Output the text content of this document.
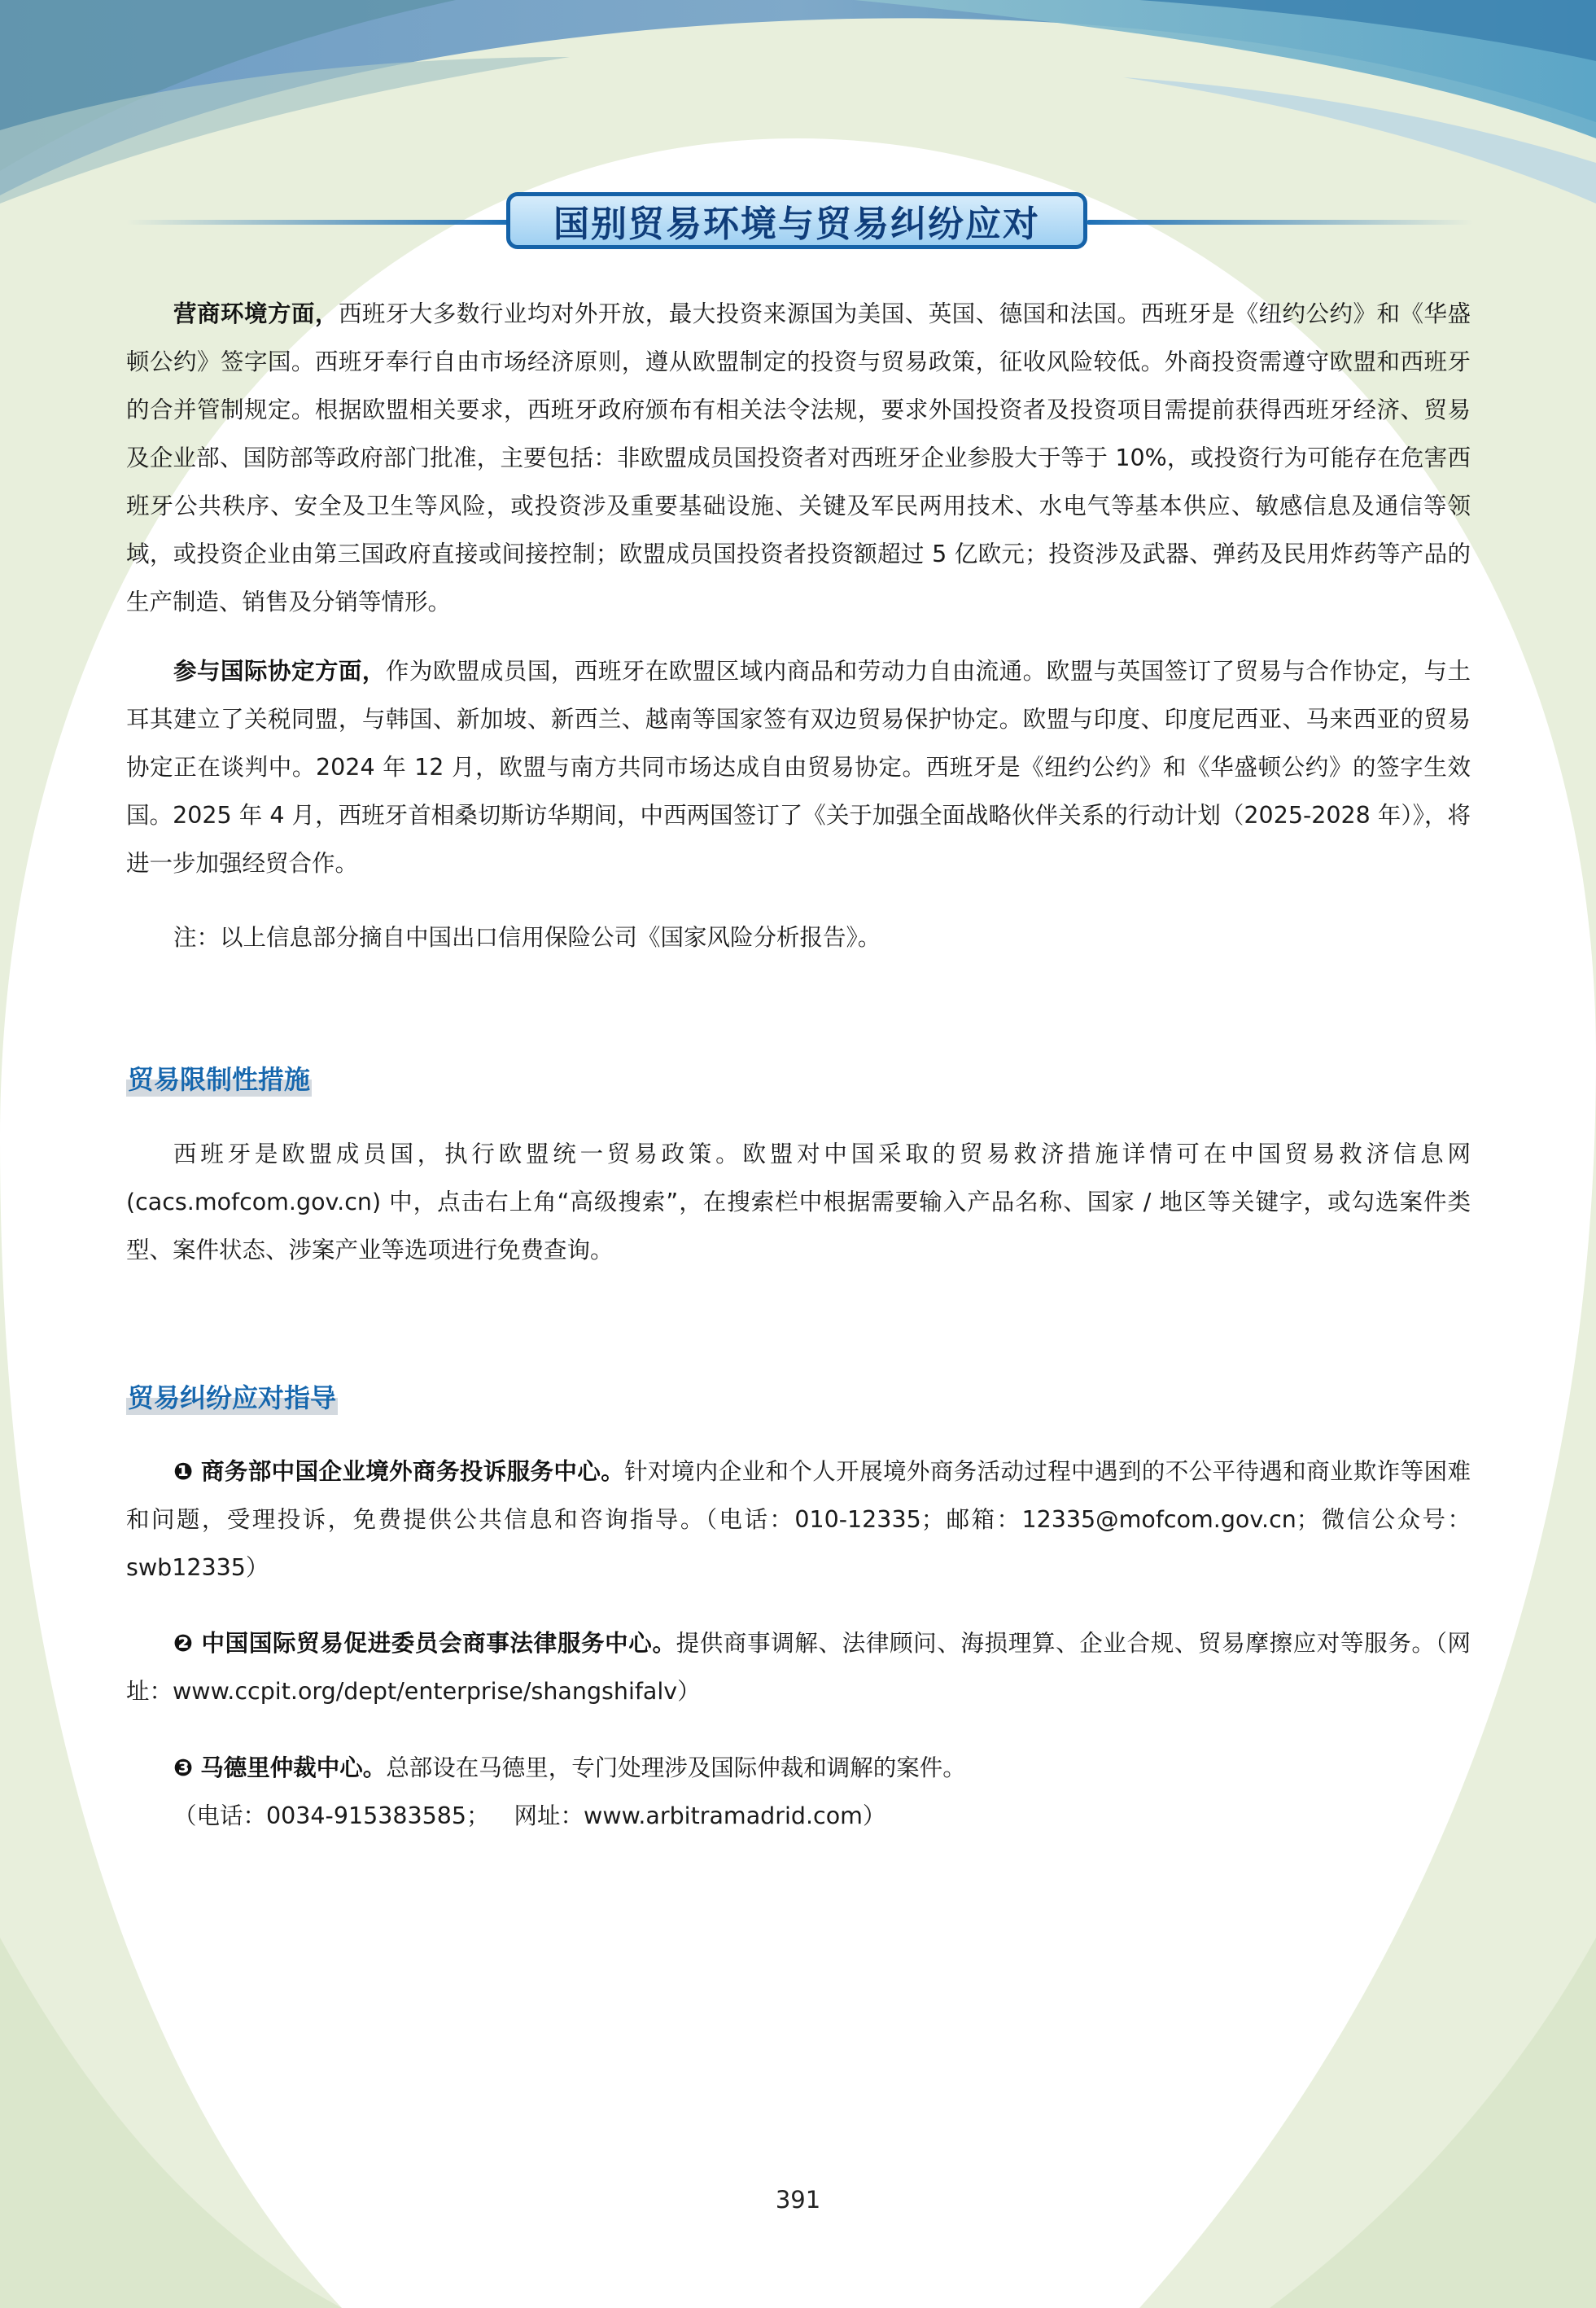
国别贸易环境与贸易纠纷应对

营商环境方面，西班牙大多数行业均对外开放，最大投资来源国为美国、英国、德国和法国。西班牙是《纽约公约》和《华盛顿公约》签字国。西班牙奉行自由市场经济原则，遵从欧盟制定的投资与贸易政策，征收风险较低。外商投资需遵守欧盟和西班牙的合并管制规定。根据欧盟相关要求，西班牙政府颁布有相关法令法规，要求外国投资者及投资项目需提前获得西班牙经济、贸易及企业部、国防部等政府部门批准，主要包括：非欧盟成员国投资者对西班牙企业参股大于等于 10%，或投资行为可能存在危害西班牙公共秩序、安全及卫生等风险，或投资涉及重要基础设施、关键及军民两用技术、水电气等基本供应、敏感信息及通信等领域，或投资企业由第三国政府直接或间接控制；欧盟成员国投资者投资额超过 5 亿欧元；投资涉及武器、弹药及民用炸药等产品的生产制造、销售及分销等情形。

参与国际协定方面，作为欧盟成员国，西班牙在欧盟区域内商品和劳动力自由流通。欧盟与英国签订了贸易与合作协定，与土耳其建立了关税同盟，与韩国、新加坡、新西兰、越南等国家签有双边贸易保护协定。欧盟与印度、印度尼西亚、马来西亚的贸易协定正在谈判中。2024 年 12 月，欧盟与南方共同市场达成自由贸易协定。西班牙是《纽约公约》和《华盛顿公约》的签字生效国。2025 年 4 月，西班牙首相桑切斯访华期间，中西两国签订了《关于加强全面战略伙伴关系的行动计划（2025-2028 年）》，将进一步加强经贸合作。

注：以上信息部分摘自中国出口信用保险公司《国家风险分析报告》。

贸易限制性措施

西班牙是欧盟成员国，执行欧盟统一贸易政策。欧盟对中国采取的贸易救济措施详情可在中国贸易救济信息网 (cacs.mofcom.gov.cn) 中，点击右上角“高级搜索”，在搜索栏中根据需要输入产品名称、国家 / 地区等关键字，或勾选案件类型、案件状态、涉案产业等选项进行免费查询。

贸易纠纷应对指导

❶ 商务部中国企业境外商务投诉服务中心。针对境内企业和个人开展境外商务活动过程中遇到的不公平待遇和商业欺诈等困难和问题，受理投诉，免费提供公共信息和咨询指导。（电话：010-12335；邮箱：12335@mofcom.gov.cn；微信公众号：swb12335）

❷ 中国国际贸易促进委员会商事法律服务中心。提供商事调解、法律顾问、海损理算、企业合规、贸易摩擦应对等服务。（网址：www.ccpit.org/dept/enterprise/shangshifalv）

❸ 马德里仲裁中心。总部设在马德里，专门处理涉及国际仲裁和调解的案件。

（电话：0034-915383585； 网址：www.arbitramadrid.com）
391
